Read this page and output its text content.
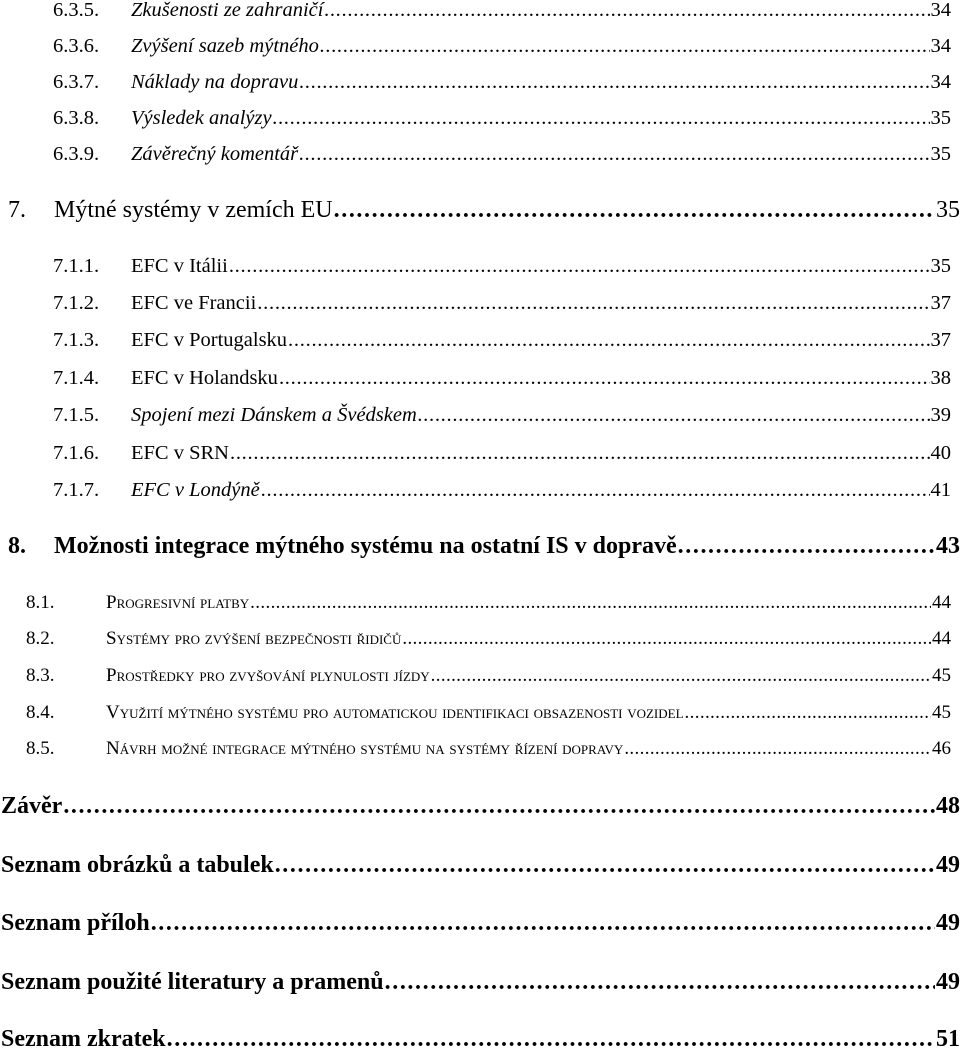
6.3.5.	Zkušenosti ze zahraničí . . .	34
6.3.6.	Zvýšení sazeb mýtného . . .	34
6.3.7.	Náklady na dopravu . . .	34
6.3.8.	Výsledek analýzy . . .	35
6.3.9.	Závěrečný komentář . . .	35
7.	Mýtné systémy v zemích EU . . .	35
7.1.1.	EFC v Itálii . . .	35
7.1.2.	EFC ve Francii . . .	37
7.1.3.	EFC v Portugalsku . . .	37
7.1.4.	EFC v Holandsku . . .	38
7.1.5.	Spojení mezi Dánskem a Švédskem . . .	39
7.1.6.	EFC v SRN . . .	40
7.1.7.	EFC v Londýně . . .	41
8.	Možnosti integrace mýtného systému na ostatní IS v dopravě . . .	43
8.1.	Progresivní platby . . .	44
8.2.	Systémy pro zvýšení bezpečnosti řidičů . . .	44
8.3.	Prostředky pro zvyšování plynulosti jízdy . . .	45
8.4.	Využití mýtného systému pro automatickou identifikaci obsazenosti vozidel . . .	45
8.5.	Návrh možné integrace mýtného systému na systémy řízení dopravy . . .	46
Závěr . . .	48
Seznam obrázků a tabulek . . .	49
Seznam příloh . . .	49
Seznam použité literatury a pramenů . . .	49
Seznam zkratek . . .	51
